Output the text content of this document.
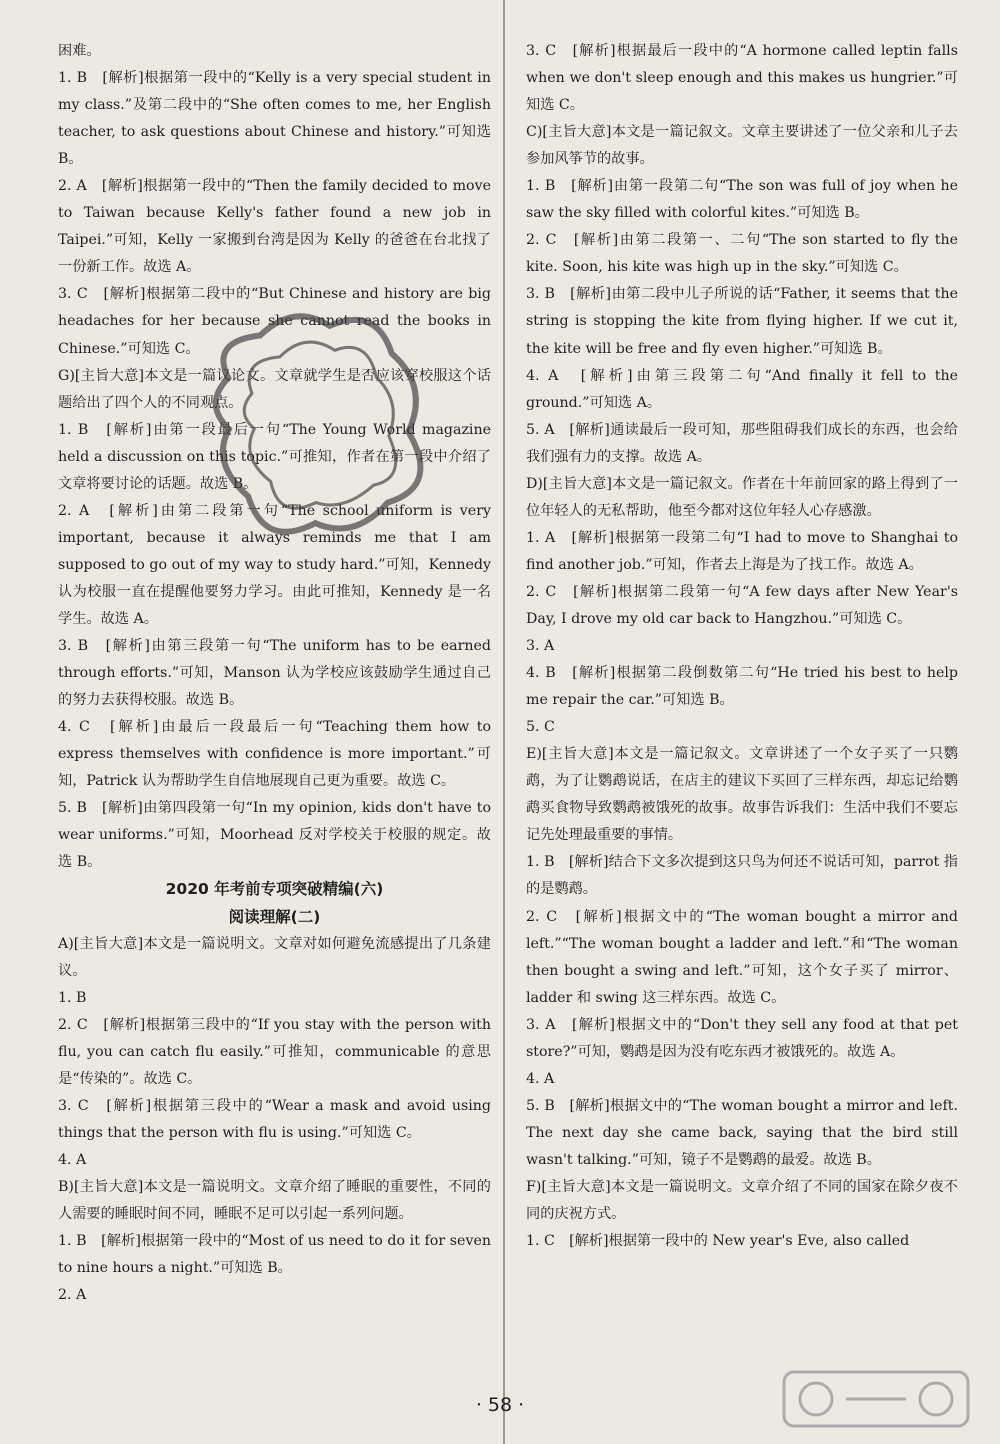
困难。
1. B　[解析]根据第一段中的“Kelly is a very special student in my class.”及第二段中的“She often comes to me, her English teacher, to ask questions about Chinese and history.”可知选 B。
2. A　[解析]根据第一段中的“Then the family decided to move to Taiwan because Kelly's father found a new job in Taipei.”可知，Kelly 一家搬到台湾是因为 Kelly 的爸爸在台北找了一份新工作。故选 A。
3. C　[解析]根据第二段中的“But Chinese and history are big headaches for her because she cannot read the books in Chinese.”可知选 C。
G)[主旨大意]本文是一篇议论文。文章就学生是否应该穿校服这个话题给出了四个人的不同观点。
1. B　[解析]由第一段最后一句“The Young World magazine held a discussion on this topic.”可推知，作者在第一段中介绍了文章将要讨论的话题。故选 B。
2. A　[解析]由第二段第一句“The school uniform is very important, because it always reminds me that I am supposed to go out of my way to study hard.”可知，Kennedy 认为校服一直在提醒他要努力学习。由此可推知，Kennedy 是一名学生。故选 A。
3. B　[解析]由第三段第一句“The uniform has to be earned through efforts.”可知，Manson 认为学校应该鼓励学生通过自己的努力去获得校服。故选 B。
4. C　[解析]由最后一段最后一句“Teaching them how to express themselves with confidence is more important.”可知，Patrick 认为帮助学生自信地展现自己更为重要。故选 C。
5. B　[解析]由第四段第一句“In my opinion, kids don't have to wear uniforms.”可知，Moorhead 反对学校关于校服的规定。故选 B。
2020 年考前专项突破精编(六)
阅读理解(二)
A)[主旨大意]本文是一篇说明文。文章对如何避免流感提出了几条建议。
1. B
2. C　[解析]根据第三段中的“If you stay with the person with flu, you can catch flu easily.”可推知，communicable 的意思是“传染的”。故选 C。
3. C　[解析]根据第三段中的“Wear a mask and avoid using things that the person with flu is using.”可知选 C。
4. A
B)[主旨大意]本文是一篇说明文。文章介绍了睡眠的重要性，不同的人需要的睡眠时间不同，睡眠不足可以引起一系列问题。
1. B　[解析]根据第一段中的“Most of us need to do it for seven to nine hours a night.”可知选 B。
2. A
3. C　[解析]根据最后一段中的“A hormone called leptin falls when we don't sleep enough and this makes us hungrier.”可知选 C。
C)[主旨大意]本文是一篇记叙文。文章主要讲述了一位父亲和儿子去参加风筝节的故事。
1. B　[解析]由第一段第二句“The son was full of joy when he saw the sky filled with colorful kites.”可知选 B。
2. C　[解析]由第二段第一、二句“The son started to fly the kite. Soon, his kite was high up in the sky.”可知选 C。
3. B　[解析]由第二段中儿子所说的话“Father, it seems that the string is stopping the kite from flying higher. If we cut it, the kite will be free and fly even higher.”可知选 B。
4. A　[解析]由第三段第二句“And finally it fell to the ground.”可知选 A。
5. A　[解析]通读最后一段可知，那些阻碍我们成长的东西，也会给我们强有力的支撑。故选 A。
D)[主旨大意]本文是一篇记叙文。作者在十年前回家的路上得到了一位年轻人的无私帮助，他至今都对这位年轻人心存感激。
1. A　[解析]根据第一段第二句“I had to move to Shanghai to find another job.”可知，作者去上海是为了找工作。故选 A。
2. C　[解析]根据第二段第一句“A few days after New Year's Day, I drove my old car back to Hangzhou.”可知选 C。
3. A
4. B　[解析]根据第二段倒数第二句“He tried his best to help me repair the car.”可知选 B。
5. C
E)[主旨大意]本文是一篇记叙文。文章讲述了一个女子买了一只鹦鹉，为了让鹦鹉说话，在店主的建议下买回了三样东西，却忘记给鹦鹉买食物导致鹦鹉被饿死的故事。故事告诉我们：生活中我们不要忘记先处理最重要的事情。
1. B　[解析]结合下文多次提到这只鸟为何还不说话可知，parrot 指的是鹦鹉。
2. C　[解析]根据文中的“The woman bought a mirror and left.”“The woman bought a ladder and left.”和“The woman then bought a swing and left.”可知，这个女子买了 mirror、ladder 和 swing 这三样东西。故选 C。
3. A　[解析]根据文中的“Don't they sell any food at that pet store?”可知，鹦鹉是因为没有吃东西才被饿死的。故选 A。
4. A
5. B　[解析]根据文中的“The woman bought a mirror and left. The next day she came back, saying that the bird still wasn't talking.”可知，镜子不是鹦鹉的最爱。故选 B。
F)[主旨大意]本文是一篇说明文。文章介绍了不同的国家在除夕夜不同的庆祝方式。
1. C　[解析]根据第一段中的 New year's Eve, also called
· 58 ·
